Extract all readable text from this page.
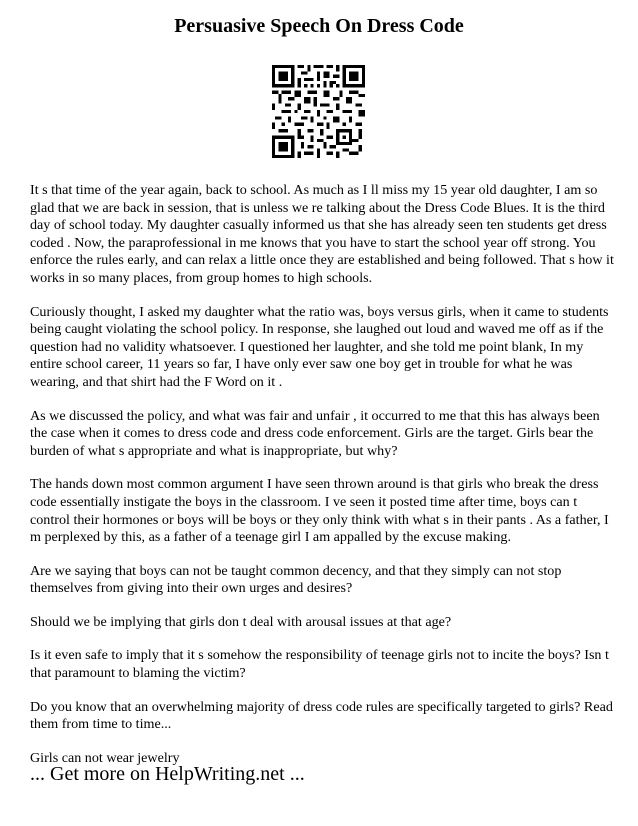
Persuasive Speech On Dress Code

It s that time of the year again, back to school. As much as I ll miss my 15 year old daughter, I am so glad that we are back in session, that is unless we re talking about the Dress Code Blues. It is the third day of school today. My daughter casually informed us that she has already seen ten students get dress coded . Now, the paraprofessional in me knows that you have to start the school year off strong. You enforce the rules early, and can relax a little once they are established and being followed. That s how it works in so many places, from group homes to high schools.

Curiously thought, I asked my daughter what the ratio was, boys versus girls, when it came to students being caught violating the school policy. In response, she laughed out loud and waved me off as if the question had no validity whatsoever. I questioned her laughter, and she told me point blank, In my entire school career, 11 years so far, I have only ever saw one boy get in trouble for what he was wearing, and that shirt had the F Word on it .

As we discussed the policy, and what was fair and unfair , it occurred to me that this has always been the case when it comes to dress code and dress code enforcement. Girls are the target. Girls bear the burden of what s appropriate and what is inappropriate, but why?

The hands down most common argument I have seen thrown around is that girls who break the dress code essentially instigate the boys in the classroom. I ve seen it posted time after time, boys can t control their hormones or boys will be boys or they only think with what s in their pants . As a father, I m perplexed by this, as a father of a teenage girl I am appalled by the excuse making.

Are we saying that boys can not be taught common decency, and that they simply can not stop themselves from giving into their own urges and desires?

Should we be implying that girls don t deal with arousal issues at that age?

Is it even safe to imply that it s somehow the responsibility of teenage girls not to incite the boys? Isn t that paramount to blaming the victim?

Do you know that an overwhelming majority of dress code rules are specifically targeted to girls? Read them from time to time...

Girls can not wear jewelry

... Get more on HelpWriting.net ...
